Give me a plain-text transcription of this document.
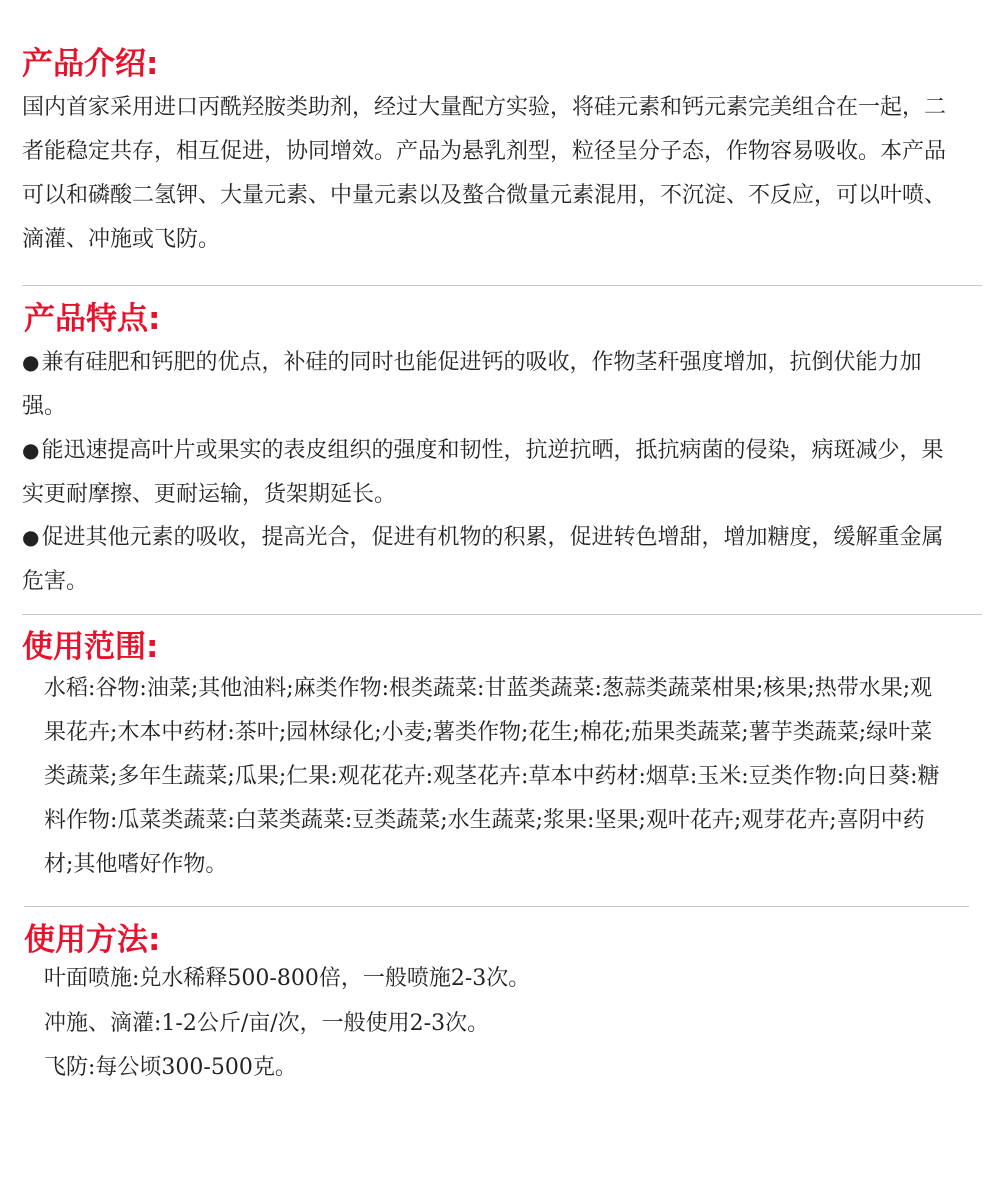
产品介绍:

国内首家采用进口丙酰羟胺类助剂，经过大量配方实验，将硅元素和钙元素完美组合在一起，二者能稳定共存，相互促进，协同增效。产品为悬乳剂型，粒径呈分子态，作物容易吸收。本产品可以和磷酸二氢钾、大量元素、中量元素以及螯合微量元素混用，不沉淀、不反应，可以叶喷、滴灌、冲施或飞防。

产品特点:
●兼有硅肥和钙肥的优点，补硅的同时也能促进钙的吸收，作物茎秆强度增加，抗倒伏能力加强。
●能迅速提高叶片或果实的表皮组织的强度和韧性，抗逆抗晒，抵抗病菌的侵染，病斑减少，果实更耐摩擦、更耐运输，货架期延长。
●促进其他元素的吸收，提高光合，促进有机物的积累，促进转色增甜，增加糖度，缓解重金属危害。
使用范围:

水稻:谷物:油菜;其他油料;麻类作物:根类蔬菜:甘蓝类蔬菜:葱蒜类蔬菜柑果;核果;热带水果;观果花卉;木本中药材:茶叶;园林绿化;小麦;薯类作物;花生;棉花;茄果类蔬菜;薯芋类蔬菜;绿叶菜类蔬菜;多年生蔬菜;瓜果;仁果:观花花卉:观茎花卉:草本中药材:烟草:玉米:豆类作物:向日葵:糖料作物:瓜菜类蔬菜:白菜类蔬菜:豆类蔬菜;水生蔬菜;浆果:坚果;观叶花卉;观芽花卉;喜阴中药材;其他嗜好作物。

使用方法:
叶面喷施:兑水稀释500-800倍，一般喷施2-3次。
冲施、滴灌:1-2公斤/亩/次，一般使用2-3次。
飞防:每公顷300-500克。
